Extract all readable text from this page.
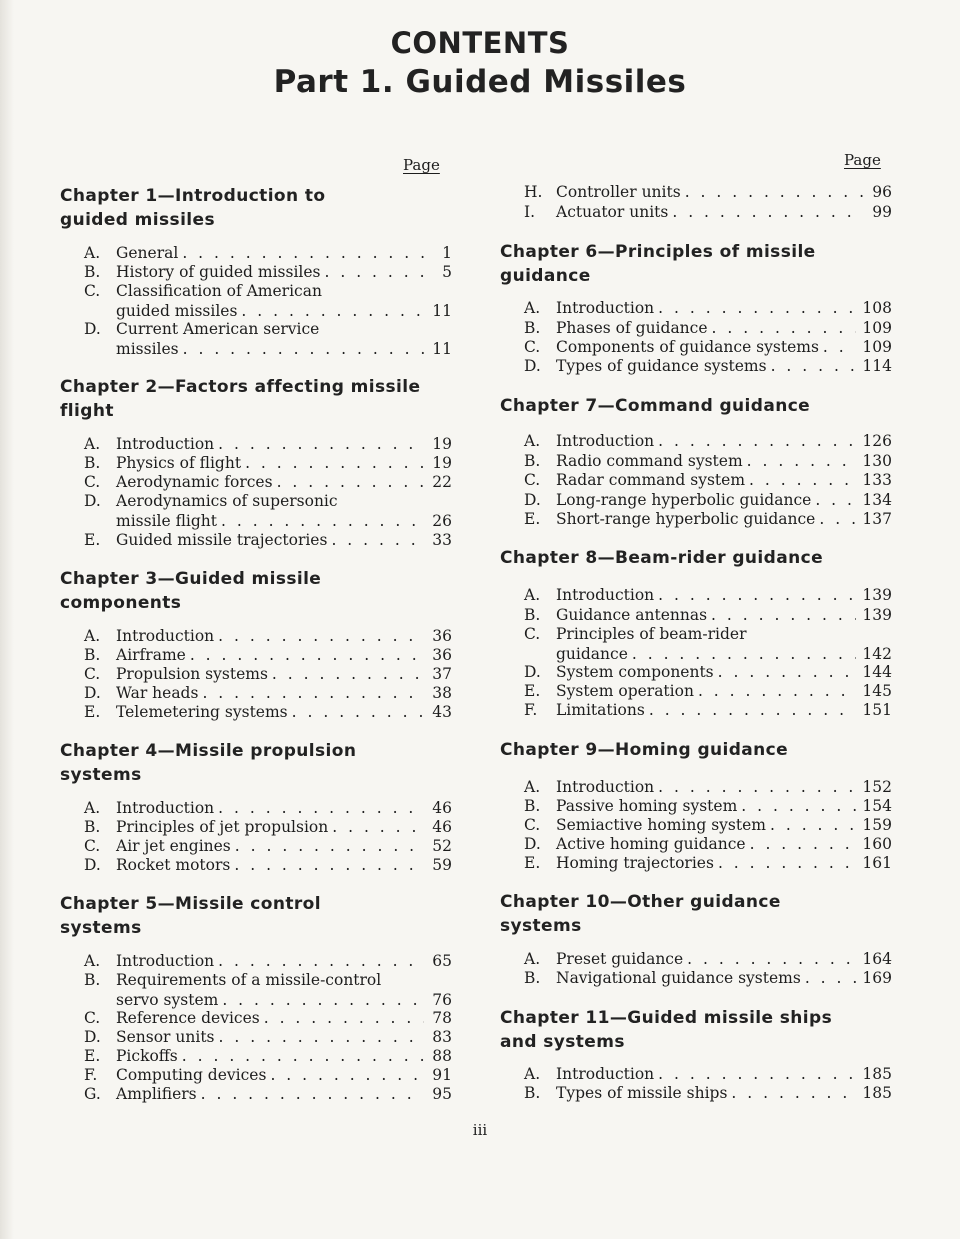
CONTENTS
Part 1. Guided Missiles
Page
Chapter 1—Introduction to
guided missiles
A.	General . . .	1
B.	History of guided missiles . . .	5
C.	Classification of American
guided missiles . . .	11
D. Current American service
missiles . . .	11
Chapter 2—Factors affecting missile
flight
A.	Introduction . . .	19
B.	Physics of flight . . .	19
C.	Aerodynamic forces . . .	22
D. Aerodynamics of supersonic
missile flight . . .	26
E.	Guided missile trajectories . . .	33
Chapter 3—Guided missile
components
A.	Introduction . . .	36
B.	Airframe . . .	36
C.	Propulsion systems . . .	37
D. War heads . . .	38
E.	Telemetering systems . . .	43
Chapter 4—Missile propulsion
systems
A.	Introduction . . .	46
B.	Principles of jet propulsion . . .	46
C.	Air jet engines . . .	52
D. Rocket motors . . .	59
Chapter 5—Missile control
systems
A.	Introduction . . .	65
B.	Requirements of a missile-control
servo system . . .	76
C.	Reference devices . . .	78
D. Sensor units . . .	83
E.	Pickoffs . . .	88
F.	Computing devices . . .	91
G. Amplifiers . . .	95
Page
H. Controller units . . .	96
I.	Actuator units . . .	99
Chapter 6—Principles of missile
guidance
A.	Introduction . . .	108
B.	Phases of guidance . . .	109
C.	Components of guidance systems . . .	109
D. Types of guidance systems . . .	114
Chapter 7—Command guidance
A.	Introduction . . .	126
B.	Radio command system . . .	130
C.	Radar command system . . .	133
D. Long-range hyperbolic guidance . . .	134
E.	Short-range hyperbolic guidance . . .	137
Chapter 8—Beam-rider guidance
A.	Introduction . . .	139
B.	Guidance antennas . . .	139
C.	Principles of beam-rider
guidance . . .	142
D. System components . . .	144
E.	System operation . . .	145
F.	Limitations . . .	151
Chapter 9—Homing guidance
A.	Introduction . . .	152
B.	Passive homing system . . .	154
C.	Semiactive homing system . . .	159
D. Active homing guidance . . .	160
E.	Homing trajectories . . .	161
Chapter 10—Other guidance
systems
A.	Preset guidance . . .	164
B.	Navigational guidance systems . . .	169
Chapter 11—Guided missile ships
and systems
A.	Introduction . . .	185
B.	Types of missile ships . . .	185
iii
